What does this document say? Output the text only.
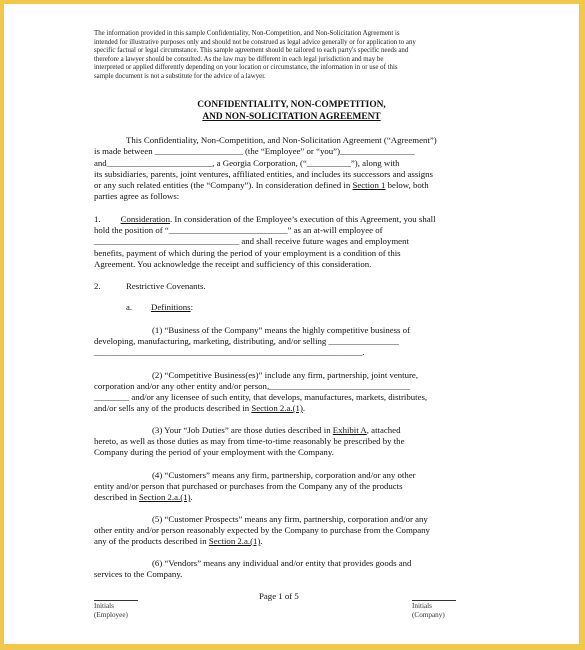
The information provided in this sample Confidentiality, Non-Competition, and Non-Solicitation Agreement is
intended for illustrative purposes only and should not be construed as legal advice generally or for application to any
specific factual or legal circumstance. This sample agreement should be tailored to each party's specific needs and
therefore a lawyer should be consulted. As the law may be different in each legal jurisdiction and may be
interpreted or applied differently depending on your location or circumstance, the information in or use of this
sample document is not a substitute for the advice of a lawyer.
CONFIDENTIALITY, NON-COMPETITION,
AND NON-SOLICITATION AGREEMENT
This Confidentiality, Non-Competition, and Non-Solicitation Agreement (“Agreement”)
is made between ____________________ (the “Employee” or “you”)_________________
and________________________, a Georgia Corporation, (“__________”), along with
its subsidiaries, parents, joint ventures, affiliated entities, and includes its successors and assigns
or any such related entities (the “Company”). In consideration defined in Section 1 below, both
parties agree as follows:
1. Consideration. In consideration of the Employee’s execution of this Agreement, you shall
hold the position of “___________________________” as an at-will employee of
_________________________________ and shall receive future wages and employment
benefits, payment of which during the period of your employment is a condition of this
Agreement. You acknowledge the receipt and sufficiency of this consideration.
2.	Restrictive Covenants.
a. Definitions:
(1) “Business of the Company” means the highly competitive business of
developing, manufacturing, marketing, distributing, and/or selling ________________
_____________________________________________________________.
(2) “Competitive Business(es)” include any firm, partnership, joint venture,
corporation and/or any other entity and/or person,________________________________
________ and/or any licensee of such entity, that develops, manufactures, markets, distributes,
and/or sells any of the products described in Section 2.a.(1).
(3) Your “Job Duties” are those duties described in Exhibit A, attached
hereto, as well as those duties as may from time-to-time reasonably be prescribed by the
Company during the period of your employment with the Company.
(4) “Customers” means any firm, partnership, corporation and/or any other
entity and/or person that purchased or purchases from the Company any of the products
described in Section 2.a.(1).
(5) “Customer Prospects” means any firm, partnership, corporation and/or any
other entity and/or person reasonably expected by the Company to purchase from the Company
any of the products described in Section 2.a.(1).
(6) “Vendors” means any individual and/or entity that provides goods and
services to the Company.
Page 1 of 5
Initials
(Employee)
Initials
(Company)
